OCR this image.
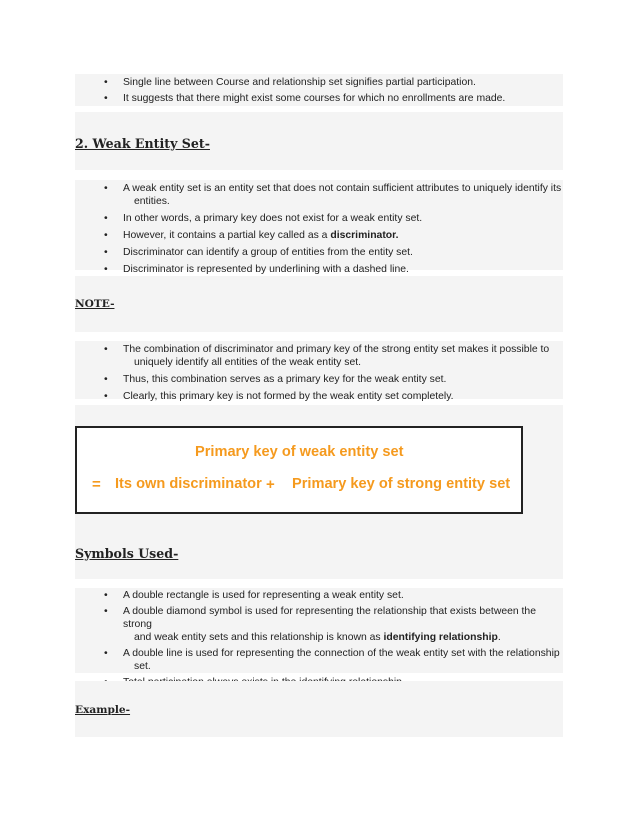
• Single line between Course and relationship set signifies partial participation.
• It suggests that there might exist some courses for which no enrollments are made.
2. Weak Entity Set-
•	A weak entity set is an entity set that does not contain sufficient attributes to uniquely identify its
entities.
•	In other words, a primary key does not exist for a weak entity set.
•	However, it contains a partial key called as a discriminator.
•	Discriminator can identify a group of entities from the entity set.
•	Discriminator is represented by underlining with a dashed line.
NOTE-
•	The combination of discriminator and primary key of the strong entity set makes it possible to
uniquely identify all entities of the weak entity set.
•	Thus, this combination serves as a primary key for the weak entity set.
•	Clearly, this primary key is not formed by the weak entity set completely.
Primary key of weak entity set
= Its own discriminator + Primary key of strong entity set
Symbols Used-
•	A double rectangle is used for representing a weak entity set.
•	A double diamond symbol is used for representing the relationship that exists between the strong
and weak entity sets and this relationship is known as identifying relationship.
•	A double line is used for representing the connection of the weak entity set with the relationship
set.
Example-
